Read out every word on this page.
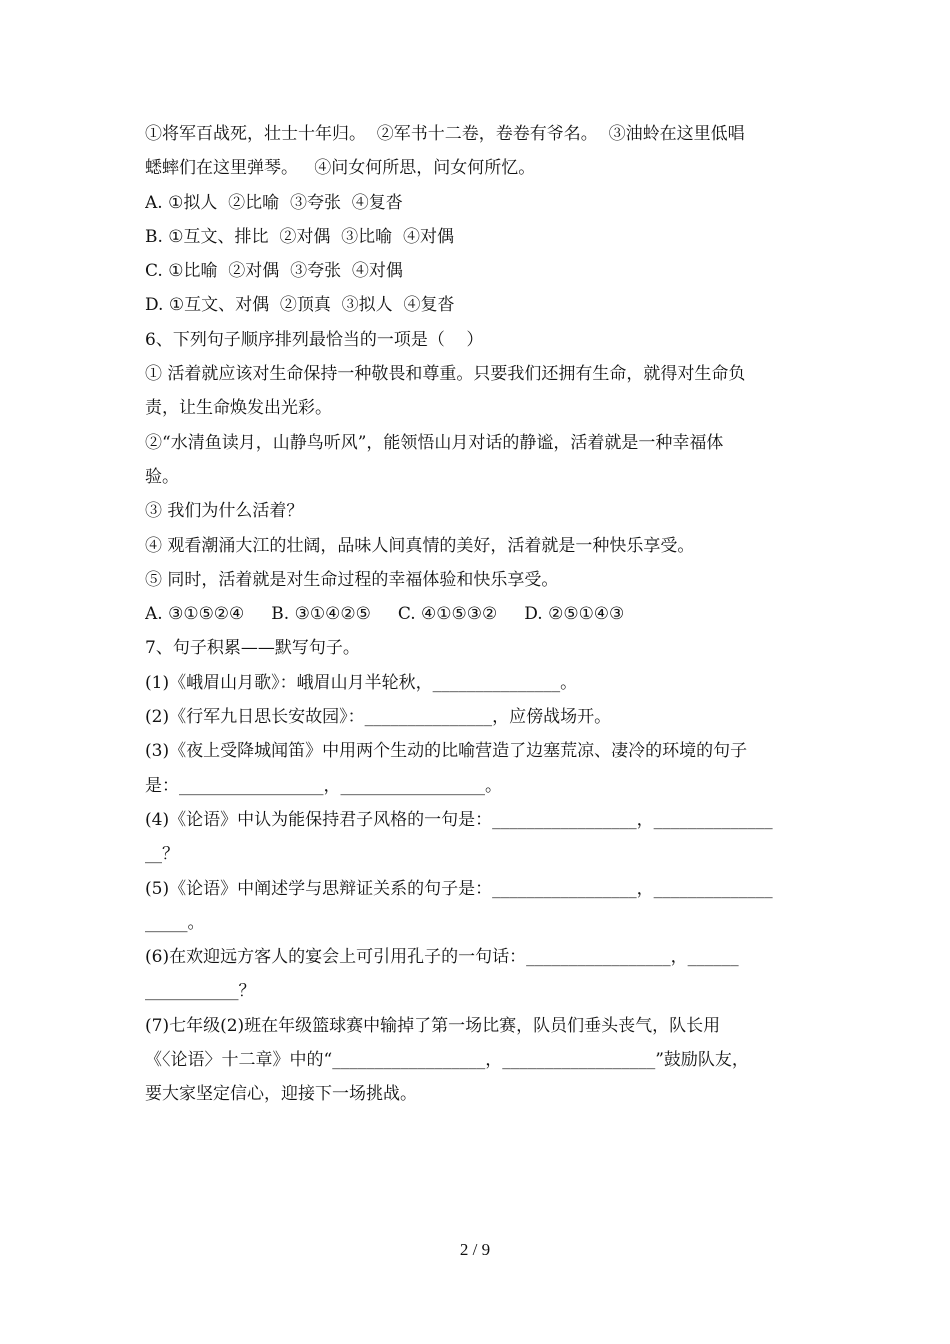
①将军百战死，壮士十年归。  ②军书十二卷，卷卷有爷名。  ③油蛉在这里低唱
蟋蟀们在这里弹琴。   ④问女何所思，问女何所忆。
A. ①拟人  ②比喻  ③夸张  ④复沓
B. ①互文、排比  ②对偶  ③比喻  ④对偶
C. ①比喻  ②对偶  ③夸张  ④对偶
D. ①互文、对偶  ②顶真  ③拟人  ④复沓
6、下列句子顺序排列最恰当的一项是（    ）
① 活着就应该对生命保持一种敬畏和尊重。只要我们还拥有生命，就得对生命负
责，让生命焕发出光彩。
②“水清鱼读月，山静鸟听风”，能领悟山月对话的静谧，活着就是一种幸福体
验。
③ 我们为什么活着？
④ 观看潮涌大江的壮阔，品味人间真情的美好，活着就是一种快乐享受。
⑤ 同时，活着就是对生命过程的幸福体验和快乐享受。
A. ③①⑤②④     B. ③①④②⑤     C. ④①⑤③②     D. ②⑤①④③
7、句子积累——默写句子。
(1)《峨眉山月歌》：峨眉山月半轮秋，_______________。
(2)《行军九日思长安故园》：_______________，应傍战场开。
(3)《夜上受降城闻笛》中用两个生动的比喻营造了边塞荒凉、凄冷的环境的句子
是：_________________，_________________。
(4)《论语》中认为能保持君子风格的一句是：_________________，______________
__？
(5)《论语》中阐述学与思辩证关系的句子是：_________________，______________
_____。
(6)在欢迎远方客人的宴会上可引用孔子的一句话：_________________，______
___________？
(7)七年级(2)班在年级篮球赛中输掉了第一场比赛，队员们垂头丧气，队长用
《〈论语〉十二章》中的“__________________，__________________”鼓励队友，
要大家坚定信心，迎接下一场挑战。
2 / 9
